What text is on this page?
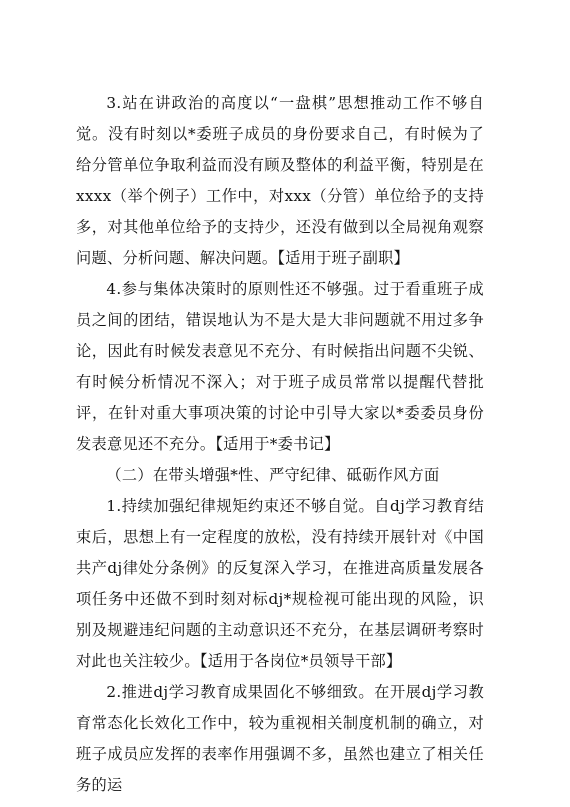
3.站在讲政治的高度以“一盘棋”思想推动工作不够自觉。没有时刻以*委班子成员的身份要求自己，有时候为了给分管单位争取利益而没有顾及整体的利益平衡，特别是在xxxx（举个例子）工作中，对xxx（分管）单位给予的支持多，对其他单位给予的支持少，还没有做到以全局视角观察问题、分析问题、解决问题。【适用于班子副职】

4.参与集体决策时的原则性还不够强。过于看重班子成员之间的团结，错误地认为不是大是大非问题就不用过多争论，因此有时候发表意见不充分、有时候指出问题不尖锐、有时候分析情况不深入；对于班子成员常常以提醒代替批评，在针对重大事项决策的讨论中引导大家以*委委员身份发表意见还不充分。【适用于*委书记】

（二）在带头增强*性、严守纪律、砥砺作风方面

1.持续加强纪律规矩约束还不够自觉。自dj学习教育结束后，思想上有一定程度的放松，没有持续开展针对《中国共产dj律处分条例》的反复深入学习，在推进高质量发展各项任务中还做不到时刻对标dj*规检视可能出现的风险，识别及规避违纪问题的主动意识还不充分，在基层调研考察时对此也关注较少。【适用于各岗位*员领导干部】

2.推进dj学习教育成果固化不够细致。在开展dj学习教育常态化长效化工作中，较为重视相关制度机制的确立，对班子成员应发挥的表率作用强调不多，虽然也建立了相关任务的运
